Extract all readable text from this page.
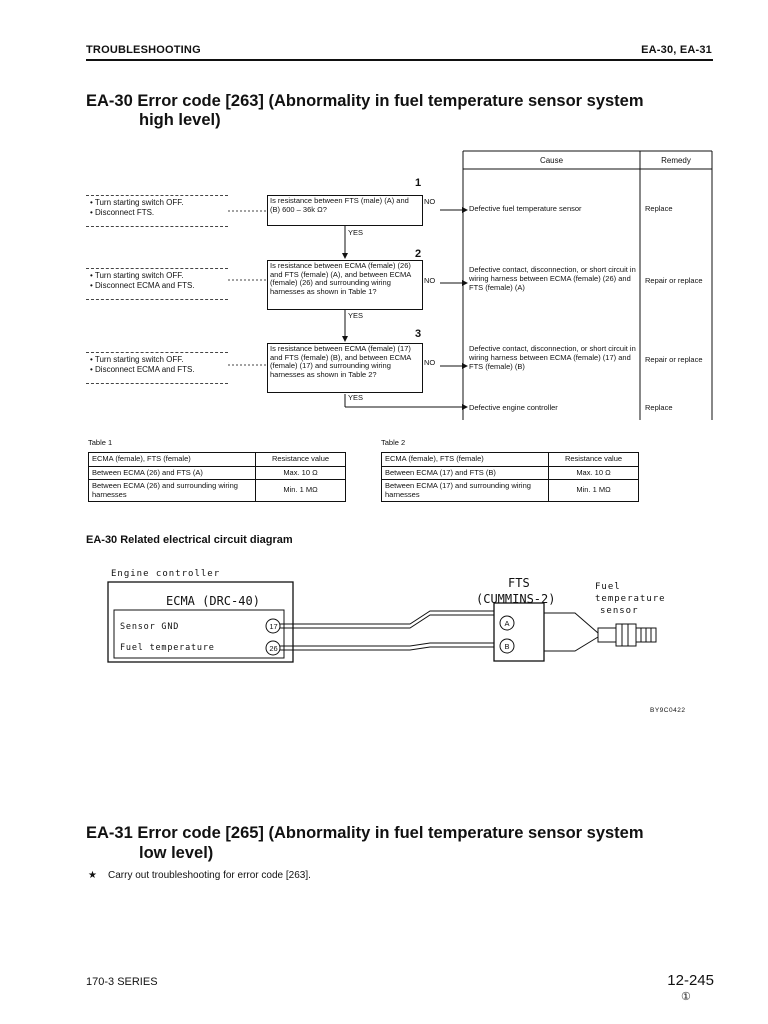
TROUBLESHOOTING	EA-30, EA-31
EA-30 Error code [263] (Abnormality in fuel temperature sensor system
high level)
Cause	Remedy
1
• Turn starting switch OFF.
• Disconnect FTS.
Is resistance between FTS (male) (A) and (B) 600 – 36k Ω?
NO
Defective fuel temperature sensor	Replace
YES
2
• Turn starting switch OFF.
• Disconnect ECMA and FTS.
Is resistance between ECMA (female) (26) and FTS (female) (A), and between ECMA (female) (26) and surrounding wiring harnesses as shown in Table 1?
NO
Defective contact, disconnection, or short circuit in wiring harness between ECMA (female) (26) and FTS (female) (A)
Repair or replace
YES
3
• Turn starting switch OFF.
• Disconnect ECMA and FTS.
Is resistance between ECMA (female) (17) and FTS (female) (B), and between ECMA (female) (17) and surrounding wiring harnesses as shown in Table 2?
NO
Defective contact, disconnection, or short circuit in wiring harness between ECMA (female) (17) and FTS (female) (B)
Repair or replace
YES
Defective engine controller	Replace
Table 1
ECMA (female), FTS (female)	Resistance value
Between ECMA (26) and FTS (A)	Max. 10 Ω
Between ECMA (26) and surrounding wiring harnesses	Min. 1 MΩ
Table 2
ECMA (female), FTS (female)	Resistance value
Between ECMA (17) and FTS (B)	Max. 10 Ω
Between ECMA (17) and surrounding wiring harnesses	Min. 1 MΩ
EA-30 Related electrical circuit diagram
Engine controller
ECMA (DRC-40)
Sensor GND
Fuel temperature
17
26
A
B
FTS
(CUMMINS-2)
Fuel
temperature
sensor
BY9C0422
EA-31 Error code [265] (Abnormality in fuel temperature sensor system
low level)
★ Carry out troubleshooting for error code [263].
170-3 SERIES	12-245
①
